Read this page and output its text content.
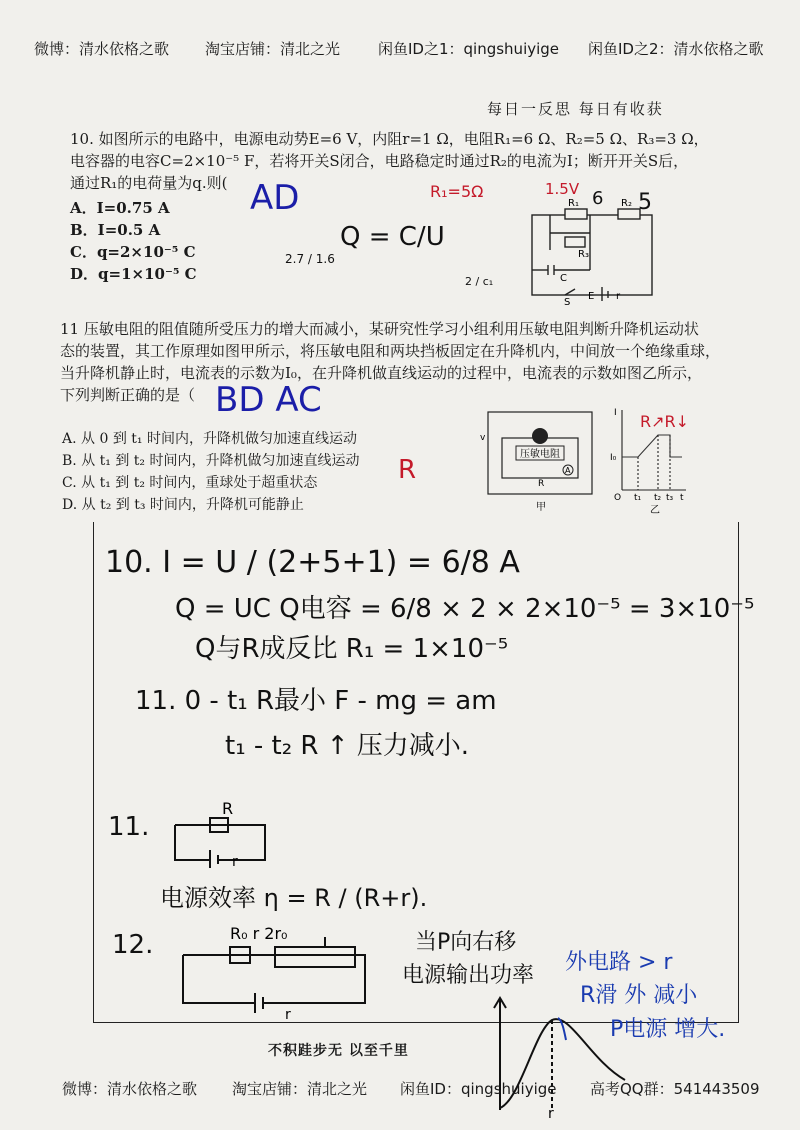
微博：清水依格之歌 淘宝店铺：清北之光	闲鱼ID之1：qingshuiyige 闲鱼ID之2：清水依格之歌
每日一反思 每日有收获
10. 如图所示的电路中，电源电动势E=6 V，内阻r=1 Ω，电阻R₁=6 Ω、R₂=5 Ω、R₃=3 Ω，
电容器的电容C=2×10⁻⁵ F，若将开关S闭合，电路稳定时通过R₂的电流为I；断开开关S后，
通过R₁的电荷量为q.则(
A．I=0.75 A
B．I=0.5 A
C．q=2×10⁻⁵ C
D．q=1×10⁻⁵ C
R₁	R₂
R₃
C
S
E r
AD	R₁=5Ω	1.5V 6 5
Q = C/U
2.7 / 1.6
2 / c₁
11 压敏电阻的阻值随所受压力的增大而减小，某研究性学习小组利用压敏电阻判断升降机运动状
态的装置，其工作原理如图甲所示，将压敏电阻和两块挡板固定在升降机内，中间放一个绝缘重球，
当升降机静止时，电流表的示数为I₀，在升降机做直线运动的过程中，电流表的示数如图乙所示，
下列判断正确的是（ BD AC
A. 从 0 到 t₁ 时间内，升降机做匀加速直线运动
B. 从 t₁ 到 t₂ 时间内，升降机做匀加速直线运动
C. 从 t₁ 到 t₂ 时间内，重球处于超重状态
D. 从 t₂ 到 t₃ 时间内，升降机可能静止
压敏电阻
A
R
v
甲
I
I₀
O t₁ t₂ t₃ t
乙
R↗R↓
R
10. I = U / (2+5+1) = 6/8 A
Q = UC Q电容 = 6/8 × 2 × 2×10⁻⁵ = 3×10⁻⁵
Q与R成反比 R₁ = 1×10⁻⁵
11. 0 - t₁ R最小 F - mg = am
t₁ - t₂ R ↑ 压力减小.
11.
R
r
电源效率 η = R / (R+r).
12.	R₀ r 2r₀
r
当P向右移
电源输出功率
外电路 > r
R滑 外 减小
P电源 增大.
r
不积跬步无 以至千里
微博：清水依格之歌 淘宝店铺：清北之光 闲鱼ID：qingshuiyige 高考QQ群：541443509
